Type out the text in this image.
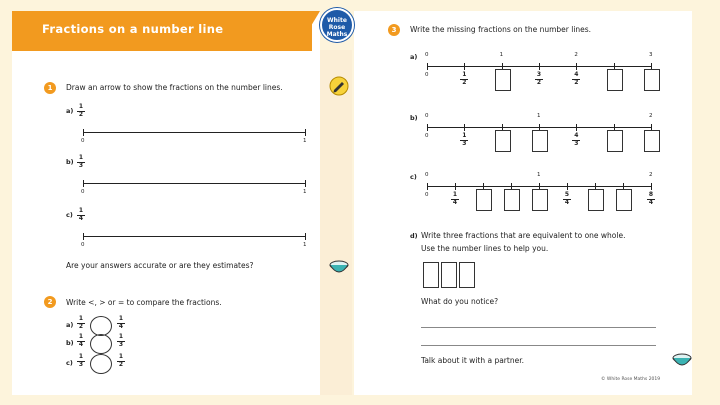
Fractions on a number line
White
Rose
Maths
1	Draw an arrow to show the fractions on the number lines.
a)
1
2
0	1
b)
1
3
0	1
c)
1
4
0	1
Are your answers accurate or are they estimates?
2	Write <, > or = to compare the fractions.
a)
1
2
1
4
b)
1
4
1
3
c)
1
3
1
2
3	Write the missing fractions on the number lines.
a) 0	1	2	3
0	1
2
3
2
4
2
b) 0	1	2
0	1
3
4
3
c) 0	1	2
0	1
4
5
4
8
4
d) Write three fractions that are equivalent to one whole.
Use the number lines to help you.
What do you notice?
Talk about it with a partner.
© White Rose Maths 2019
